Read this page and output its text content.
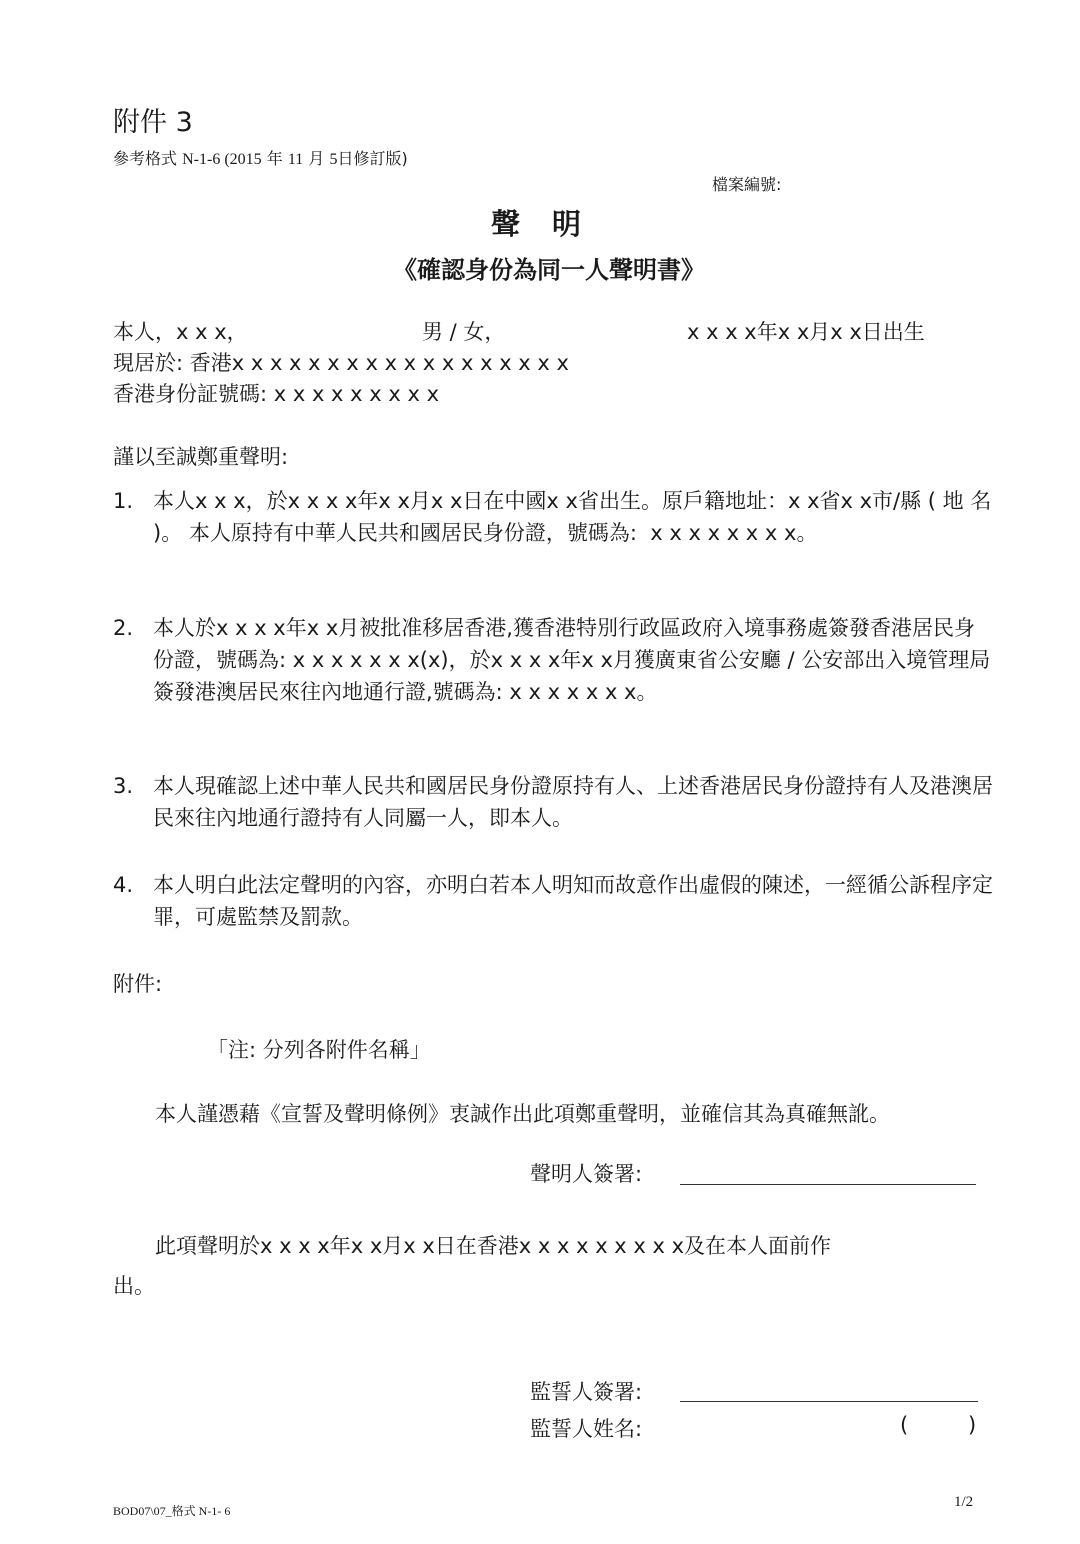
附件 3
參考格式 N-1-6 (2015 年 11 月 5日修訂版)
檔案編號:
聲明
《確認身份為同一人聲明書》
本人，x x x，	男 / 女，	x x x x年x x月x x日出生
現居於: 香港x x x x x x x x x x x x x x x x x x
香港身份証號碼: x x x x x x x x x
謹以至誠鄭重聲明:
1. 本人x x x，於x x x x年x x月x x日在中國x x省出生。原戶籍地址：x x省x x市/縣 ( 地 名 )。 本人原持有中華人民共和國居民身份證，號碼為:  x x x x x x x x。
2. 本人於x x x x年x x月被批准移居香港,獲香港特別行政區政府入境事務處簽發香港居民身份證，號碼為: x x x x x x x(x)，於x x x x年x x月獲廣東省公安廳 / 公安部出入境管理局簽發港澳居民來往內地通行證,號碼為: x x x x x x x。
3. 本人現確認上述中華人民共和國居民身份證原持有人、上述香港居民身份證持有人及港澳居民來往內地通行證持有人同屬一人，即本人。
4. 本人明白此法定聲明的內容，亦明白若本人明知而故意作出虛假的陳述，一經循公訴程序定罪，可處監禁及罰款。
附件:
「注: 分列各附件名稱」
本人謹憑藉《宣誓及聲明條例》衷誠作出此項鄭重聲明，並確信其為真確無訛。
聲明人簽署:
此項聲明於x x x x年x x月x x日在香港x x x x x x x x x及在本人面前作
出。
監誓人簽署:
監誓人姓名:	(	)
BOD07\07_格式 N-1- 6
1/2
